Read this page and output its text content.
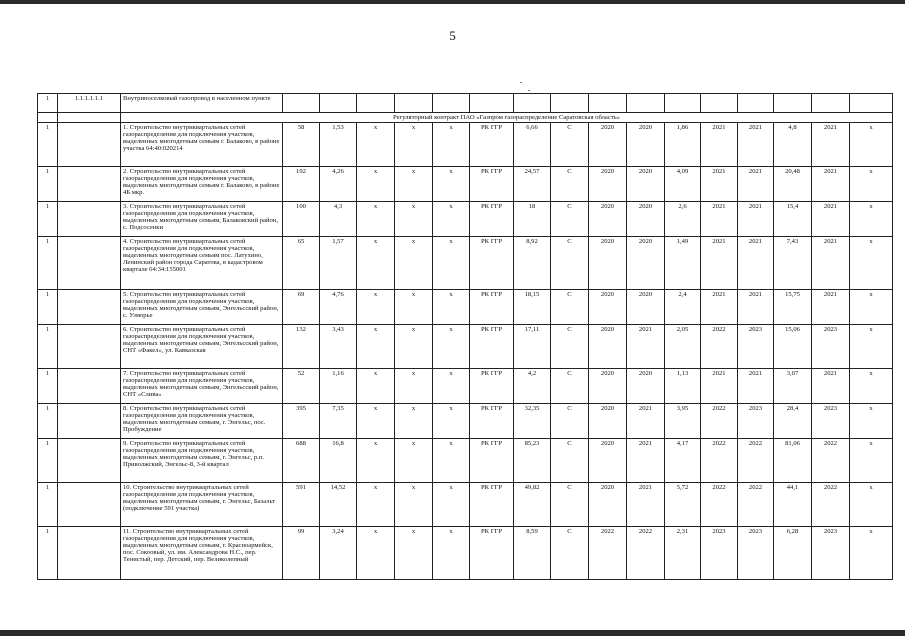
5
1	1.1.1.1.1.1	Внутрипоселковый газопровод в населенном пункте																
		Регуляторный контракт ПАО «Газпром газораспределение Саратовская область»																
1		1. Строительство внутриквартальных сетей газораспределения для подключения участков, выделенных многодетным семьям г. Балаково, в районе участка 64:40:020214	58	1,53	x	x	x	РК ГГР	6,66	С	2020	2020	1,86	2021	2021	4,8	2021	x
1		2. Строительство внутриквартальных сетей газораспределения для подключения участков, выделенных многодетным семьям г. Балаково, в районе 4Б мкр.	192	4,26	x	x	x	РК ГГР	24,57	С	2020	2020	4,09	2021	2021	20,48	2021	x
1		3. Строительство внутриквартальных сетей газораспределения для подключения участков, выделенных многодетным семьям, Балаковский район, с. Подсосенки	100	4,3	x	x	x	РК ГГР	18	С	2020	2020	2,6	2021	2021	15,4	2021	x
1		4. Строительство внутриквартальных сетей газораспределения для подключения участков, выделенных многодетным семьям пос. Латухино, Ленинский район города Саратова, в кадастровом квартале 64:34:155001	65	1,57	x	x	x	РК ГГР	8,92	С	2020	2020	1,49	2021	2021	7,43	2021	x
1		5. Строительство внутриквартальных сетей газораспределения для подключения участков, выделенных многодетным семьям, Энгельсский район, с. Узморье	69	4,76	x	x	x	РК ГГР	18,15	С	2020	2020	2,4	2021	2021	15,75	2021	x
1		6. Строительство внутриквартальных сетей газораспределения для подключения участков, выделенных многодетным семьям, Энгельсский район, СНТ «Факел», ул. Кавказская	132	3,43	x	x	x	РК ГГР	17,11	С	2020	2021	2,05	2022	2023	15,06	2023	x
1		7. Строительство внутриквартальных сетей газораспределения для подключения участков, выделенных многодетным семьям, Энгельсский район, СНТ «Слива»	52	1,16	x	x	x	РК ГГР	4,2	С	2020	2020	1,13	2021	2021	3,07	2021	x
1		8. Строительство внутриквартальных сетей газораспределения для подключения участков, выделенных многодетным семьям, г. Энгельс, пос. Пробуждение	395	7,35	x	x	x	РК ГГР	32,35	С	2020	2021	3,95	2022	2023	28,4	2023	x
1		9. Строительство внутриквартальных сетей газораспределения для подключения участков, выделенных многодетным семьям, г. Энгельс, р.п. Приволжский, Энгельс-8, 3-й квартал	688	16,8	x	x	x	РК ГГР	85,23	С	2020	2021	4,17	2022	2022	81,06	2022	x
1		10. Строительство внутриквартальных сетей газораспределения для подключения участков, выделенных многодетным семьям, г. Энгельс, Базальт (подключение 591 участка)	591	14,52	x	x	x	РК ГГР	49,82	С	2020	2021	5,72	2022	2022	44,1	2022	x
1		11. Строительство внутриквартальных сетей газораспределения для подключения участков, выделенных многодетным семьям, г. Красноармейск, пос. Сокоовый, ул. им. Александрова Н.С., пер. Тенистый, пер. Детский, пер. Великолепный	99	3,24	x	x	x	РК ГГР	8,59	С	2022	2022	2,31	2023	2023	6,28	2023	x
